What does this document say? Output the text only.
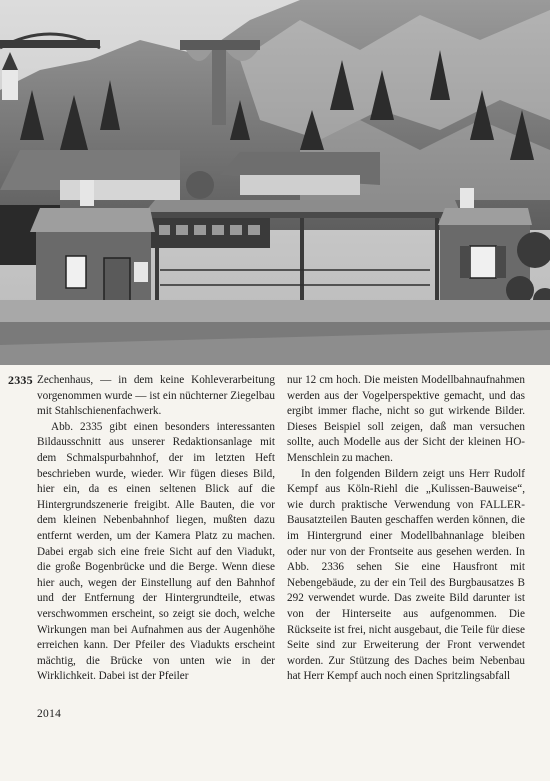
2335 Zechenhaus, — in dem keine Kohleverarbeitung vorgenommen wurde — ist ein nüchterner Ziegelbau mit Stahlschienenfachwerk.

Abb. 2335 gibt einen besonders interessanten Bildausschnitt aus unserer Redaktionsanlage mit dem Schmalspurbahnhof, der im letzten Heft beschrieben wurde, wieder. Wir fügen dieses Bild, hier ein, da es einen seltenen Blick auf die Hintergrundszenerie freigibt. Alle Bauten, die vor dem kleinen Nebenbahnhof liegen, mußten dazu entfernt werden, um der Kamera Platz zu machen. Dabei ergab sich eine freie Sicht auf den Viadukt, die große Bogenbrücke und die Berge. Wenn diese hier auch, wegen der Einstellung auf den Bahnhof und der Entfernung der Hintergrundteile, etwas verschwommen erscheint, so zeigt sie doch, welche Wirkungen man bei Aufnahmen aus der Augenhöhe erreichen kann. Der Pfeiler des Viadukts erscheint mächtig, die Brücke von unten wie in der Wirklichkeit. Dabei ist der Pfeiler

nur 12 cm hoch. Die meisten Modellbahnaufnahmen werden aus der Vogelperspektive gemacht, und das ergibt immer flache, nicht so gut wirkende Bilder. Dieses Beispiel soll zeigen, daß man versuchen sollte, auch Modelle aus der Sicht der kleinen HO-Menschlein zu machen.

In den folgenden Bildern zeigt uns Herr Rudolf Kempf aus Köln-Riehl die „Kulissen-Bauweise“, wie durch praktische Verwendung von FALLER-Bausatzteilen Bauten geschaffen werden können, die im Hintergrund einer Modellbahnanlage bleiben oder nur von der Frontseite aus gesehen werden. In Abb. 2336 sehen Sie eine Hausfront mit Nebengebäude, zu der ein Teil des Burgbausatzes B 292 verwendet wurde. Das zweite Bild darunter ist von der Hinterseite aus aufgenommen. Die Rückseite ist frei, nicht ausgebaut, die Teile für diese Seite sind zur Erweiterung der Front verwendet worden. Zur Stützung des Daches beim Nebenbau hat Herr Kempf auch noch einen Spritzlingsabfall

2014
